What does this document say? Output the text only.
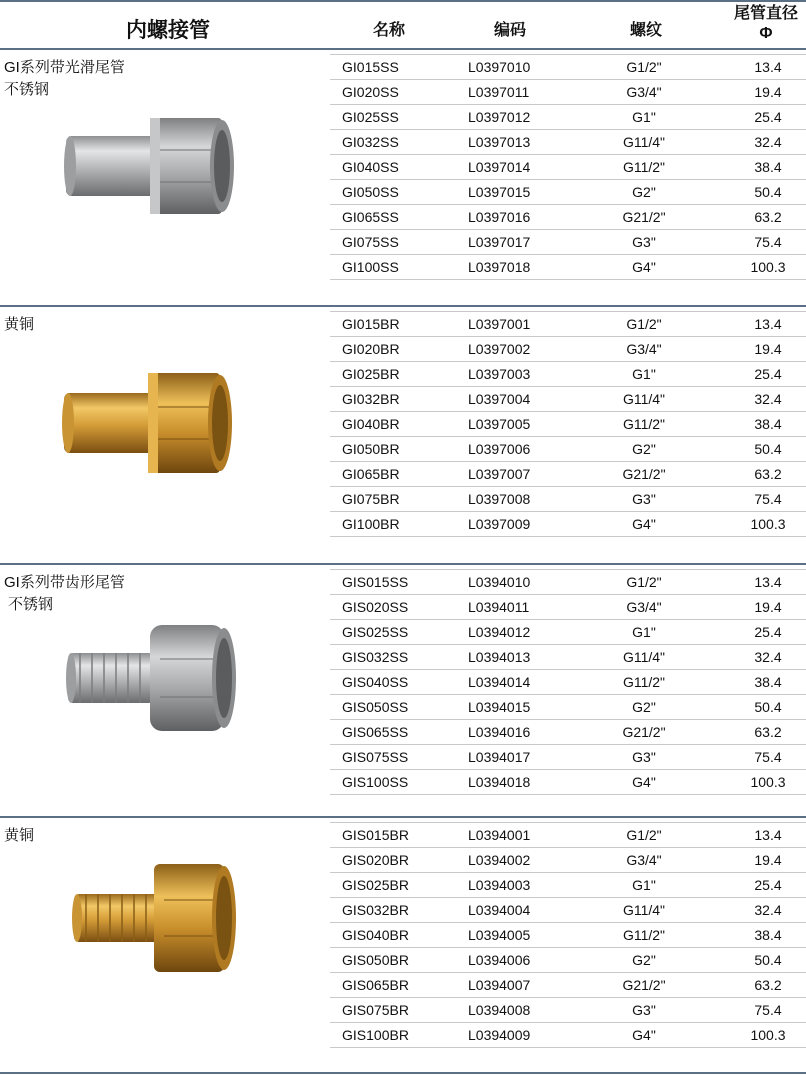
内螺接管	名称	编码	螺纹
尾管直径
Φ
GI系列带光滑尾管
不锈钢
GI015SS	L0397010	G1/2"	13.4
GI020SS	L0397011	G3/4"	19.4
GI025SS	L0397012	G1"	25.4
GI032SS	L0397013	G11/4"	32.4
GI040SS	L0397014	G11/2"	38.4
GI050SS	L0397015	G2"	50.4
GI065SS	L0397016	G21/2"	63.2
GI075SS	L0397017	G3"	75.4
GI100SS	L0397018	G4"	100.3
黄铜	GI015BR	L0397001	G1/2"	13.4
GI020BR	L0397002	G3/4"	19.4
GI025BR	L0397003	G1"	25.4
GI032BR	L0397004	G11/4"	32.4
GI040BR	L0397005	G11/2"	38.4
GI050BR	L0397006	G2"	50.4
GI065BR	L0397007	G21/2"	63.2
GI075BR	L0397008	G3"	75.4
GI100BR	L0397009	G4"	100.3
GI系列带齿形尾管
不锈钢
GIS015SS	L0394010	G1/2"	13.4
GIS020SS	L0394011	G3/4"	19.4
GIS025SS	L0394012	G1"	25.4
GIS032SS	L0394013	G11/4"	32.4
GIS040SS	L0394014	G11/2"	38.4
GIS050SS	L0394015	G2"	50.4
GIS065SS	L0394016	G21/2"	63.2
GIS075SS	L0394017	G3"	75.4
GIS100SS	L0394018	G4"	100.3
黄铜	GIS015BR	L0394001	G1/2"	13.4
GIS020BR	L0394002	G3/4"	19.4
GIS025BR	L0394003	G1"	25.4
GIS032BR	L0394004	G11/4"	32.4
GIS040BR	L0394005	G11/2"	38.4
GIS050BR	L0394006	G2"	50.4
GIS065BR	L0394007	G21/2"	63.2
GIS075BR	L0394008	G3"	75.4
GIS100BR	L0394009	G4"	100.3
